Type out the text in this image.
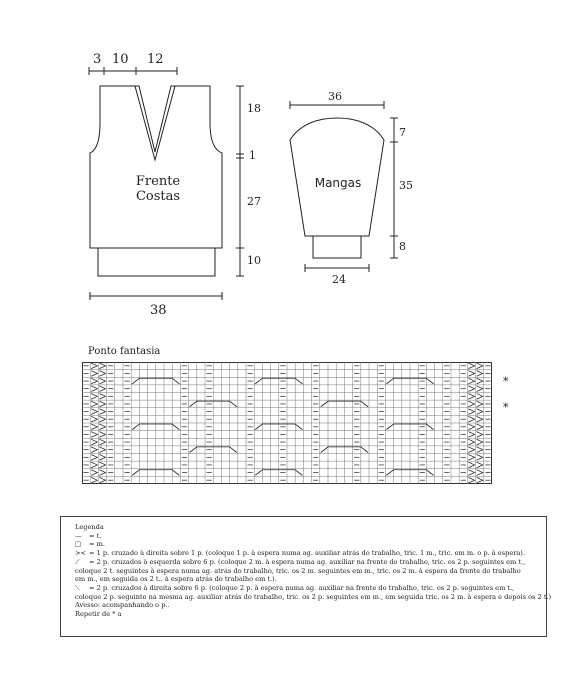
3 10 12
18
1
27
10
38
36
7
35
8
24
Frente
Costas
Mangas
Ponto fantasia
*
*
Legenda
— = t.
□ = m.
>< = 1 p. cruzado à direita sobre 1 p. (coloque 1 p. à espera numa ag. auxiliar atrás do trabalho, tric. 1 m., tric. em m. o p. à espera).
⟋ = 2 p. cruzados à esquerda sobre 6 p. (coloque 2 m. à espera numa ag. auxiliar na frente do trabalho, tric. os 2 p. seguintes em t.,
coloque 2 t. seguintes à espera numa ag. atrás do trabalho, tric. os 2 m. seguintes em m., tric. os 2 m. à espera da frente do trabalho
em m., em seguida os 2 t.. à espera atrás do trabalho em t.).
⟍ = 2 p. cruzados à direita sobre 6 p. (coloque 2 p. à espera numa ag. auxiliar na frente do trabalho, tric. os 2 p. seguintes em t.,
coloque 2 p. seguinte na mesma ag. auxiliar atrás do trabalho, tric. os 2 p. seguintes em m., em seguida tric. os 2 m. à espera e depois os 2 t.)
Avesso: acompanhando o p..
Repetir de * a
